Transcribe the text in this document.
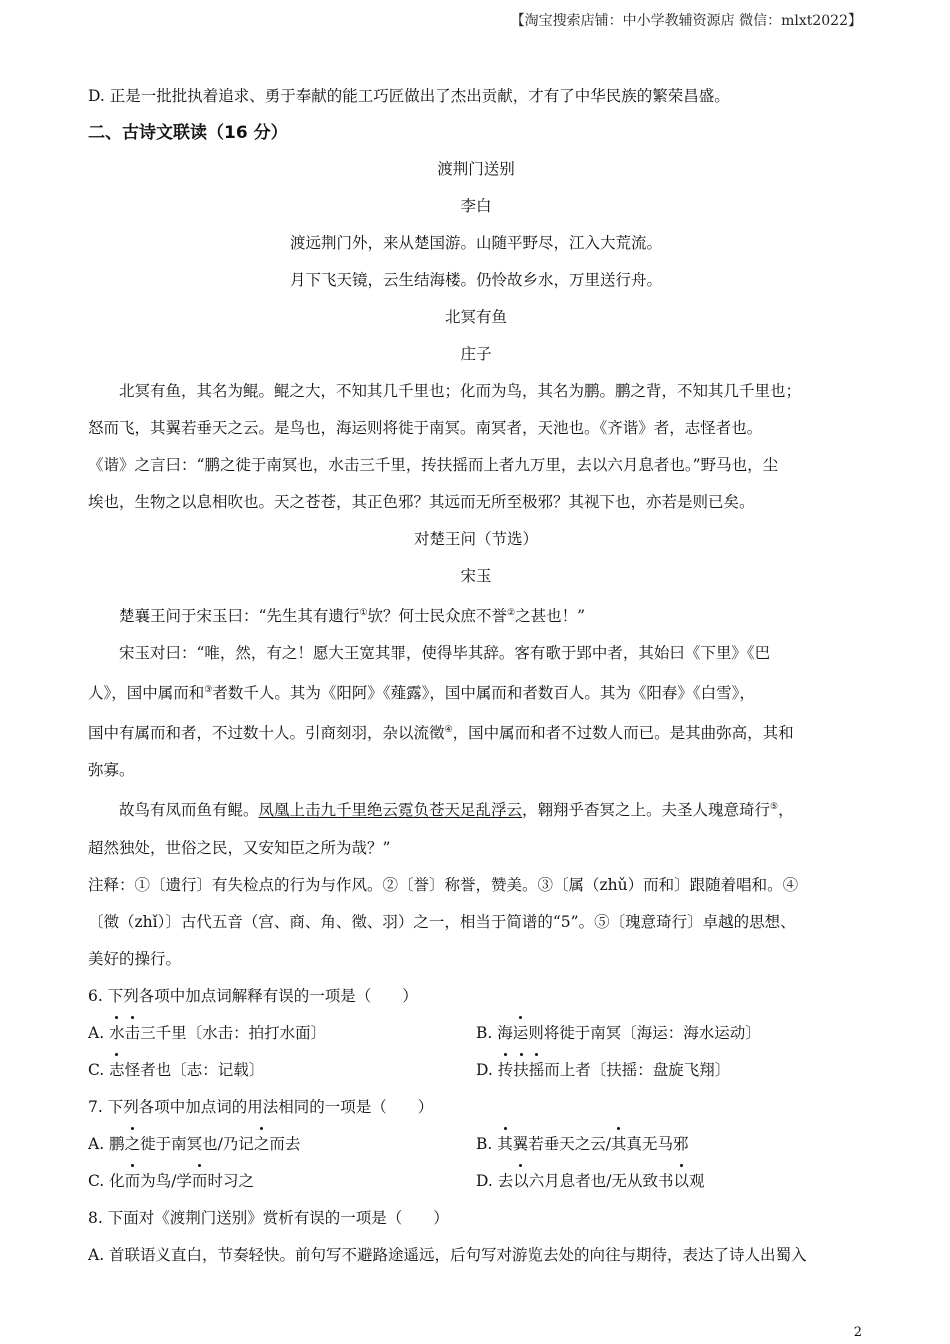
【淘宝搜索店铺：中小学教辅资源店 微信：mlxt2022】
D. 正是一批批执着追求、勇于奉献的能工巧匠做出了杰出贡献，才有了中华民族的繁荣昌盛。
二、古诗文联读（16 分）
渡荆门送别
李白
渡远荆门外，来从楚国游。山随平野尽，江入大荒流。
月下飞天镜，云生结海楼。仍怜故乡水，万里送行舟。
北冥有鱼
庄子
北冥有鱼，其名为鲲。鲲之大，不知其几千里也；化而为鸟，其名为鹏。鹏之背，不知其几千里也；
怒而飞，其翼若垂天之云。是鸟也，海运则将徙于南冥。南冥者，天池也。《齐谐》者，志怪者也。
《谐》之言曰：“鹏之徙于南冥也，水击三千里，抟扶摇而上者九万里，去以六月息者也。”野马也，尘
埃也，生物之以息相吹也。天之苍苍，其正色邪？其远而无所至极邪？其视下也，亦若是则已矣。
对楚王问（节选）
宋玉
楚襄王问于宋玉曰：“先生其有遗行①欤？何士民众庶不誉②之甚也！”
宋玉对曰：“唯，然，有之！愿大王宽其罪，使得毕其辞。客有歌于郢中者，其始曰《下里》《巴
人》，国中属而和③者数千人。其为《阳阿》《薤露》，国中属而和者数百人。其为《阳春》《白雪》，
国中有属而和者，不过数十人。引商刻羽，杂以流徵④，国中属而和者不过数人而已。是其曲弥高，其和
弥寡。
故鸟有凤而鱼有鲲。凤凰上击九千里绝云霓负苍天足乱浮云，翱翔乎杳冥之上。夫圣人瑰意琦行⑤，
超然独处，世俗之民，又安知臣之所为哉？”
注释：①〔遗行〕有失检点的行为与作风。②〔誉〕称誉，赞美。③〔属（zhǔ）而和〕跟随着唱和。④
〔徵（zhǐ）〕古代五音（宫、商、角、徵、羽）之一，相当于简谱的“5”。⑤〔瑰意琦行〕卓越的思想、
美好的操行。
6. 下列各项中加点词解释有误的一项是（　　）
A. 水击三千里〔水击：拍打水面〕	B. 海运则将徙于南冥〔海运：海水运动〕
C. 志怪者也〔志：记载〕	D. 抟扶摇而上者〔扶摇：盘旋飞翔〕
7. 下列各项中加点词的用法相同的一项是（　　）
A. 鹏之徙于南冥也/乃记之而去	B. 其翼若垂天之云/其真无马邪
C. 化而为鸟/学而时习之	D. 去以六月息者也/无从致书以观
8. 下面对《渡荆门送别》赏析有误的一项是（　　）
A. 首联语义直白，节奏轻快。前句写不避路途遥远，后句写对游览去处的向往与期待，表达了诗人出蜀入
2
